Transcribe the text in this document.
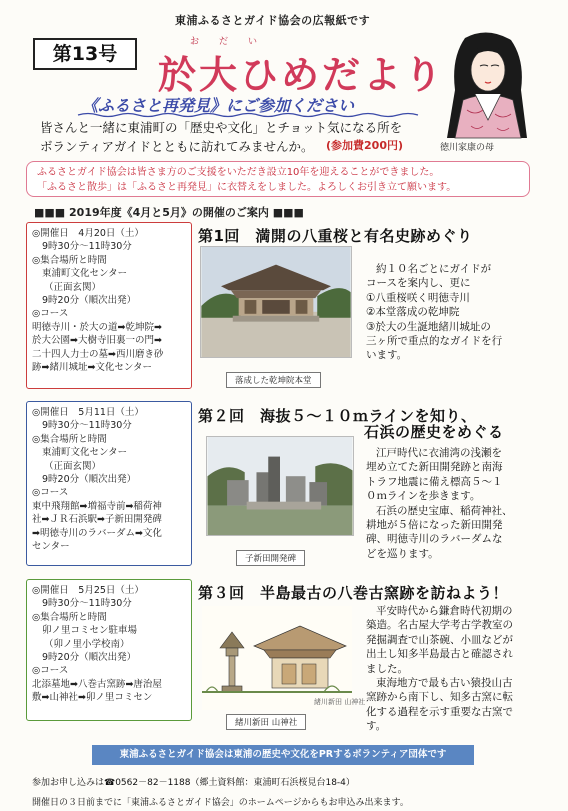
東浦ふるさとガイド協会の広報紙です
第13号
おだい
於大ひめだより
徳川家康の母
《ふるさと再発見》にご参加ください
皆さんと一緒に東浦町の「歴史や文化」とチョット気になる所を
ボランティアガイドとともに訪れてみませんか。 (参加費200円)
ふるさとガイド協会は皆さま方のご支援をいただき設立10年を迎えることができました。
「ふるさと散歩」は「ふるさと再発見」に衣替えをしました。よろしくお引き立て願います。
■■■ 2019年度《4月と5月》の開催のご案内 ■■■
◎開催日　4月20日（土）
9時30分～11時30分
◎集合場所と時間
東浦町文化センター
（正面玄関）
9時20分（順次出発）
◎コース
明徳寺川・於大の道➡乾坤院➡
於大公園➡大樹寺旧裏一の門➡
二十四人力士の墓➡西川磨き砂
跡➡緒川城址➡文化センター
第1回　満開の八重桜と有名史跡めぐり
落成した乾坤院本堂
約１０名ごとにガイドが
コースを案内し、更に
①八重桜咲く明徳寺川
②本堂落成の乾坤院
③於大の生誕地緒川城址の
三ヶ所で重点的なガイドを行
います。
◎開催日　5月11日（土）
9時30分～11時30分
◎集合場所と時間
東浦町文化センター
（正面玄関）
9時20分（順次出発）
◎コース
東中飛翔館➡増福寺前➡稲荷神
社➡ＪＲ石浜駅➡子新田開発碑
➡明徳寺川のラバーダム➡文化
センター
第２回　海抜５～１０ｍラインを知り、
石浜の歴史をめぐる
子新田開発碑
江戸時代に衣浦湾の浅瀬を
埋め立てた新田開発跡と南海
トラフ地震に備え標高５～１
０ｍラインを歩きます。
石浜の歴史宝庫、稲荷神社、
耕地が５倍になった新田開発
碑、明徳寺川のラバーダムな
どを巡ります。
◎開催日　5月25日（土）
9時30分～11時30分
◎集合場所と時間
卯ノ里コミセン駐車場
（卯ノ里小学校南）
9時20分（順次出発）
◎コース
北添墓地➡八巻古窯跡➡唐治屋
敷➡山神社➡卯ノ里コミセン
第３回　半島最古の八巻古窯跡を訪ねよう！
緒川新田 山神社
緒川新田 山神社
平安時代から鎌倉時代初期の
築造。名古屋大学考古学教室の
発掘調査で山茶碗、小皿などが
出土し知多半島最古と確認され
ました。
東海地方で最も古い猿投山古
窯跡から南下し、知多古窯に転
化する過程を示す重要な古窯で
す。
東浦ふるさとガイド協会は東浦の歴史や文化をPRするボランティア団体です
参加お申し込みは☎0562－82－1188（郷土資料館：東浦町石浜桜見台18-4）
開催日の３日前までに「東浦ふるさとガイド協会」のホームページからもお申込み出来ます。
